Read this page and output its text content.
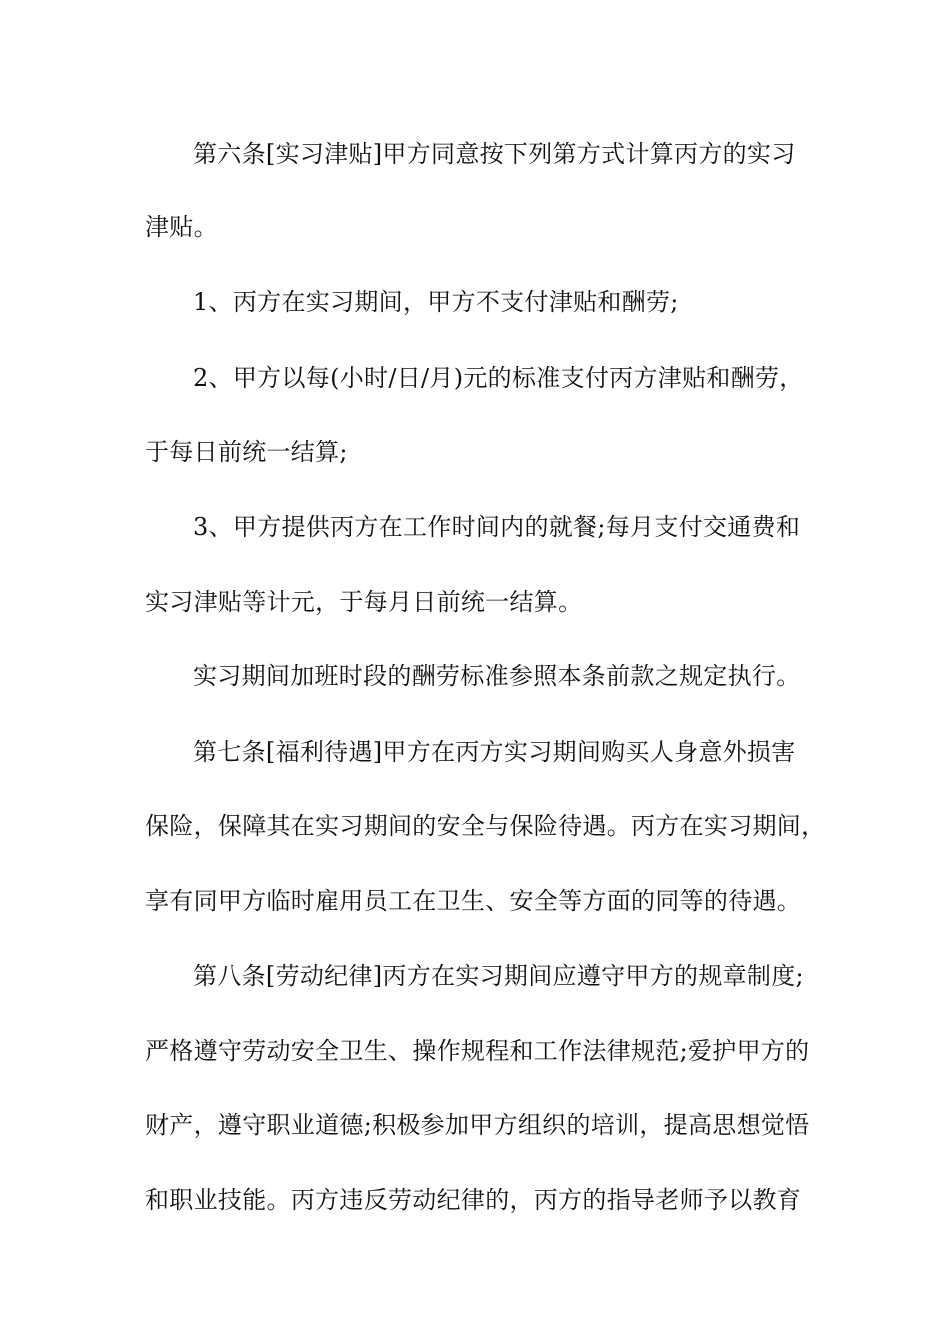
第六条[实习津贴]甲方同意按下列第方式计算丙方的实习
津贴。
1、丙方在实习期间，甲方不支付津贴和酬劳;
2、甲方以每(小时/日/月)元的标准支付丙方津贴和酬劳，
于每日前统一结算;
3、甲方提供丙方在工作时间内的就餐;每月支付交通费和
实习津贴等计元，于每月日前统一结算。
实习期间加班时段的酬劳标准参照本条前款之规定执行。
第七条[福利待遇]甲方在丙方实习期间购买人身意外损害
保险，保障其在实习期间的安全与保险待遇。丙方在实习期间，
享有同甲方临时雇用员工在卫生、安全等方面的同等的待遇。
第八条[劳动纪律]丙方在实习期间应遵守甲方的规章制度;
严格遵守劳动安全卫生、操作规程和工作法律规范;爱护甲方的
财产，遵守职业道德;积极参加甲方组织的培训，提高思想觉悟
和职业技能。丙方违反劳动纪律的，丙方的指导老师予以教育
